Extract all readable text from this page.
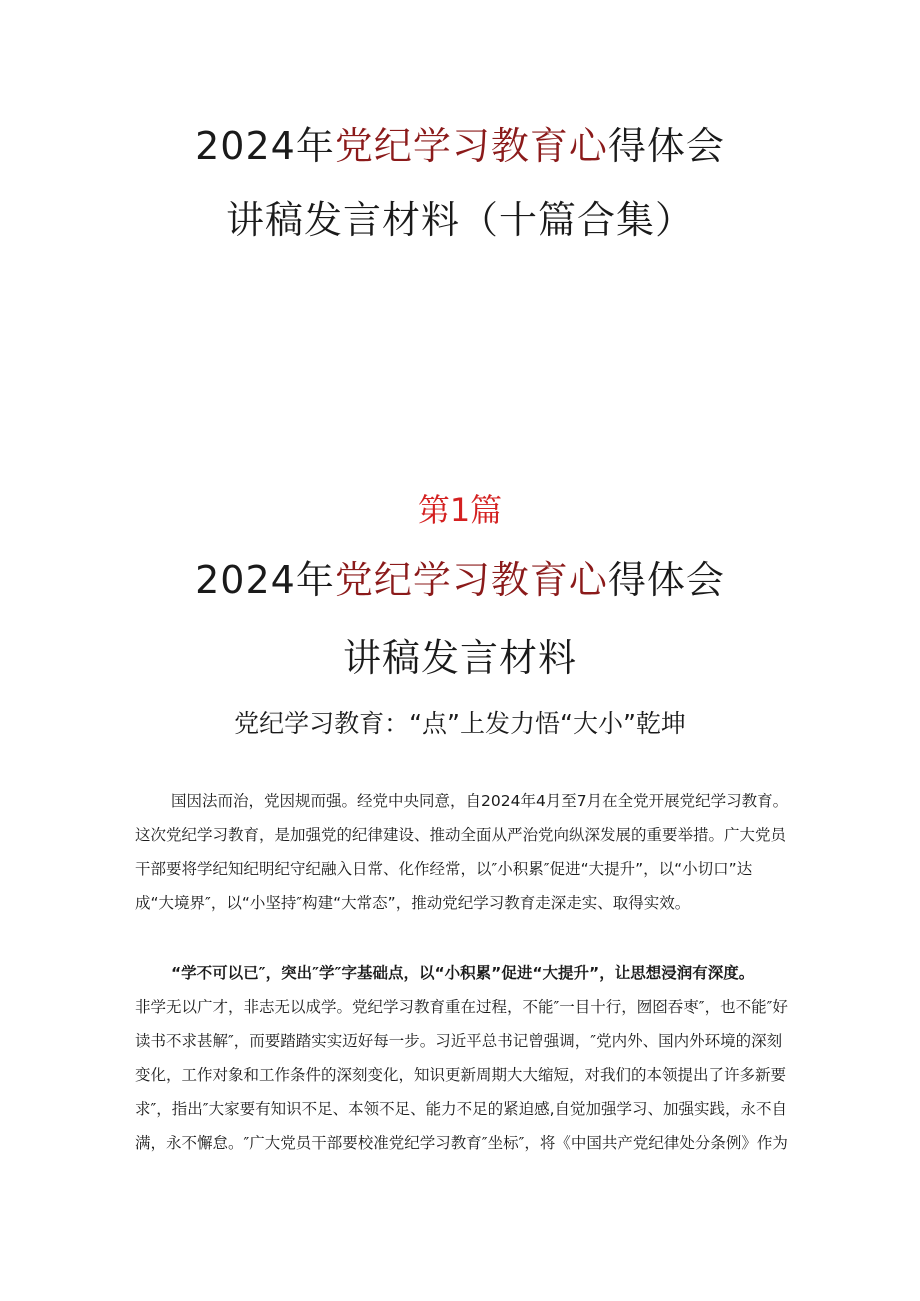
2024年党纪学习教育心得体会
讲稿发言材料（十篇合集）
第1篇
2024年党纪学习教育心得体会
讲稿发言材料
党纪学习教育：“点”上发力悟“大小”乾坤
国因法而治，党因规而强。经党中央同意，自2024年4月至7月在全党开展党纪学习教育。
这次党纪学习教育，是加强党的纪律建设、推动全面从严治党向纵深发展的重要举措。广大党员
干部要将学纪知纪明纪守纪融入日常、化作经常，以″小积累″促进“大提升”，以“小切口”达
成“大境界″，以“小坚持″构建“大常态”，推动党纪学习教育走深走实、取得实效。
“学不可以已″，突出″学″字基础点，以“小积累”促进“大提升”，让思想浸润有深度。
非学无以广才，非志无以成学。党纪学习教育重在过程，不能″一目十行，囫囵吞枣″，也不能″好
读书不求甚解″，而要踏踏实实迈好每一步。习近平总书记曾强调，″党内外、国内外环境的深刻
变化，工作对象和工作条件的深刻变化，知识更新周期大大缩短，对我们的本领提出了许多新要
求″，指出″大家要有知识不足、本领不足、能力不足的紧迫感,自觉加强学习、加强实践，永不自
满，永不懈怠。″广大党员干部要校准党纪学习教育″坐标″，将《中国共产党纪律处分条例》作为
